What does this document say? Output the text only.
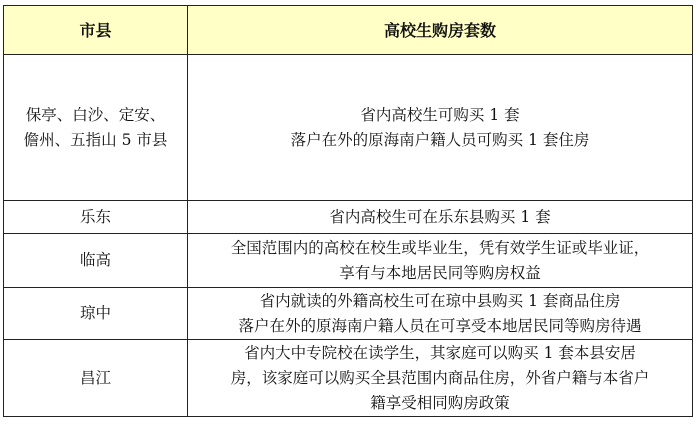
市县	高校生购房套数

保亭、白沙、定安、
儋州、五指山 5 市县	省内高校生可购买 1 套
落户在外的原海南户籍人员可购买 1 套住房

乐东	省内高校生可在乐东县购买 1 套

临高	全国范围内的高校在校生或毕业生，凭有效学生证或毕业证，
享有与本地居民同等购房权益

琼中	省内就读的外籍高校生可在琼中县购买 1 套商品住房
落户在外的原海南户籍人员在可享受本地居民同等购房待遇

昌江	省内大中专院校在读学生，其家庭可以购买 1 套本县安居
房，该家庭可以购买全县范围内商品住房，外省户籍与本省户
籍享受相同购房政策
